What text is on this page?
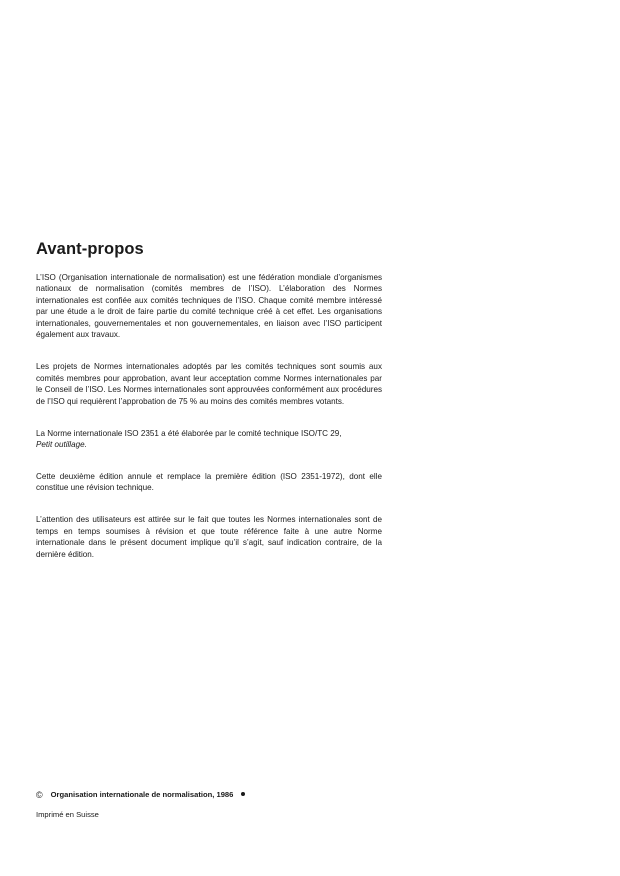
Avant-propos

L’ISO (Organisation internationale de normalisation) est une fédération mondiale d’organismes nationaux de normalisation (comités membres de l’ISO). L’élaboration des Normes internationales est confiée aux comités techniques de l’ISO. Chaque comité membre intéressé par une étude a le droit de faire partie du comité technique créé à cet effet. Les organisations internationales, gouvernementales et non gouvernementales, en liaison avec l’ISO participent également aux travaux.

Les projets de Normes internationales adoptés par les comités techniques sont soumis aux comités membres pour approbation, avant leur acceptation comme Normes internationales par le Conseil de l’ISO. Les Normes internationales sont approuvées conformément aux procédures de l’ISO qui requièrent l’approbation de 75 % au moins des comités membres votants.

La Norme internationale ISO 2351 a été élaborée par le comité technique ISO/TC 29,
Petit outillage.

Cette deuxième édition annule et remplace la première édition (ISO 2351-1972), dont elle constitue une révision technique.

L’attention des utilisateurs est attirée sur le fait que toutes les Normes internationales sont de temps en temps soumises à révision et que toute référence faite à une autre Norme internationale dans le présent document implique qu’il s’agit, sauf indication contraire, de la dernière édition.

© Organisation internationale de normalisation, 1986
Imprimé en Suisse
